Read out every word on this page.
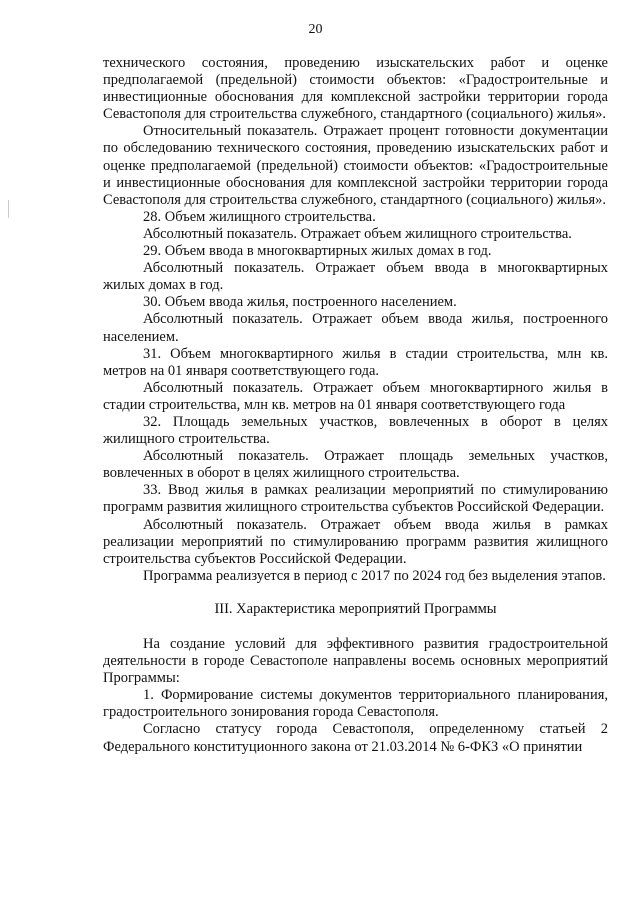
20

технического состояния, проведению изыскательских работ и оценке предполагаемой (предельной) стоимости объектов: «Градостроительные и инвестиционные обоснования для комплексной застройки территории города Севастополя для строительства служебного, стандартного (социального) жилья».

Относительный показатель. Отражает процент готовности документации по обследованию технического состояния, проведению изыскательских работ и оценке предполагаемой (предельной) стоимости объектов: «Градостроительные и инвестиционные обоснования для комплексной застройки территории города Севастополя для строительства служебного, стандартного (социального) жилья».

28. Объем жилищного строительства.

Абсолютный показатель. Отражает объем жилищного строительства.

29. Объем ввода в многоквартирных жилых домах в год.

Абсолютный показатель. Отражает объем ввода в многоквартирных жилых домах в год.

30. Объем ввода жилья, построенного населением.

Абсолютный показатель. Отражает объем ввода жилья, построенного населением.

31. Объем многоквартирного жилья в стадии строительства, млн кв. метров на 01 января соответствующего года.

Абсолютный показатель. Отражает объем многоквартирного жилья в стадии строительства, млн кв. метров на 01 января соответствующего года

32. Площадь земельных участков, вовлеченных в оборот в целях жилищного строительства.

Абсолютный показатель. Отражает площадь земельных участков, вовлеченных в оборот в целях жилищного строительства.

33. Ввод жилья в рамках реализации мероприятий по стимулированию программ развития жилищного строительства субъектов Российской Федерации.

Абсолютный показатель. Отражает объем ввода жилья в рамках реализации мероприятий по стимулированию программ развития жилищного строительства субъектов Российской Федерации.

Программа реализуется в период с 2017 по 2024 год без выделения этапов.

III. Характеристика мероприятий Программы

На создание условий для эффективного развития градостроительной деятельности в городе Севастополе направлены восемь основных мероприятий Программы:

1. Формирование системы документов территориального планирования, градостроительного зонирования города Севастополя.

Согласно статусу города Севастополя, определенному статьей 2 Федерального конституционного закона от 21.03.2014 № 6-ФКЗ «О принятии
